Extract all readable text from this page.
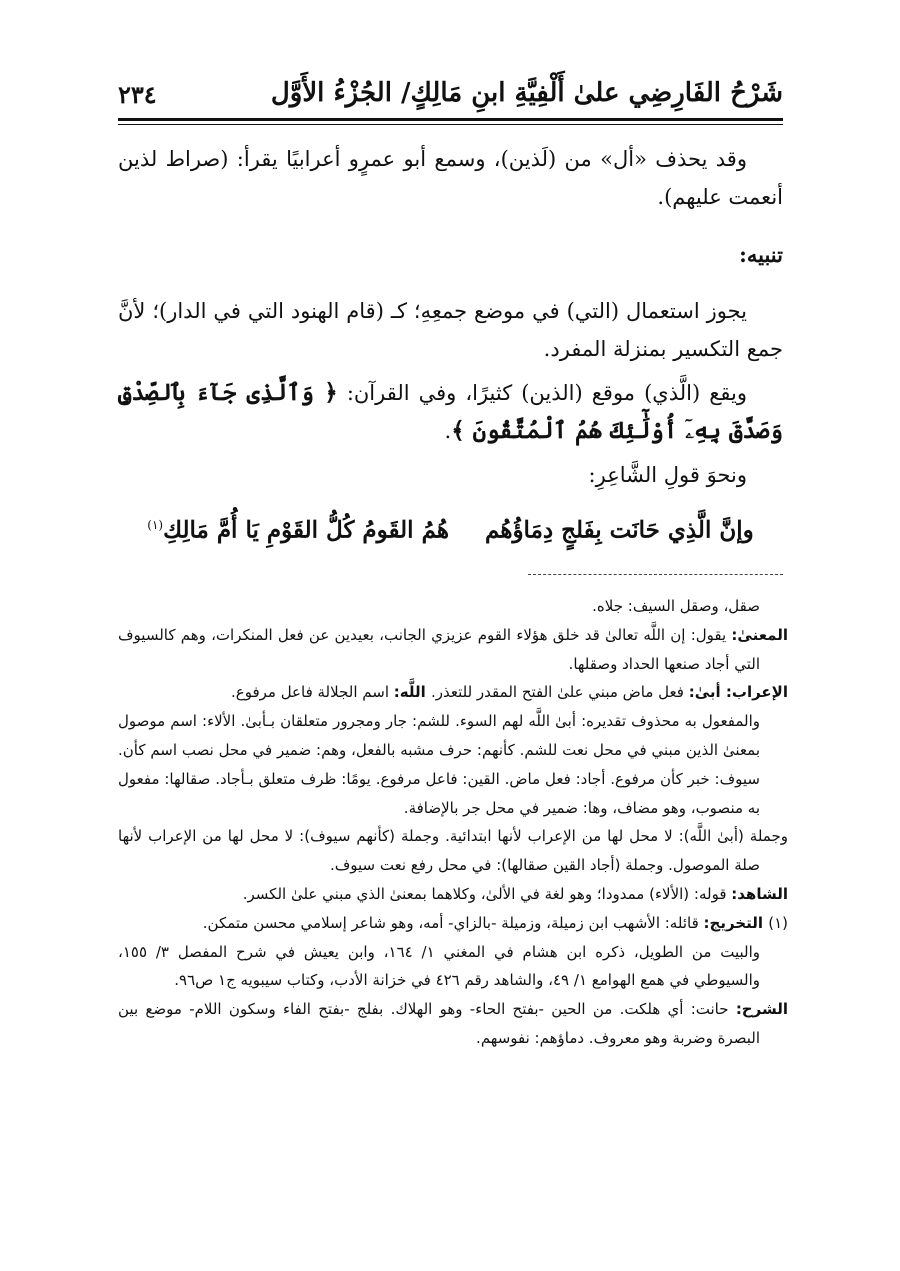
شَرْحُ الفَارِضِي علىٰ أَلْفِيَّةِ ابنِ مَالِكٍ/ الجُزْءُ الأَوَّل
٢٣٤

وقد يحذف «أل» من (لَذين)، وسمع أبو عمرٍو أعرابيًا يقرأ: (صراط لذين أنعمت عليهم).

تنبيه:

يجوز استعمال (التي) في موضع جمعِهِ؛ كـ (قام الهنود التي في الدار)؛ لأنَّ جمع التكسير بمنزلة المفرد.

ويقع (الَّذي) موقع (الذين) كثيرًا، وفي القرآن: ﴿ وَٱلَّذِى جَآءَ بِٱلصِّدْقِ وَصَدَّقَ بِهِۦٓ أُوْلَٰٓئِكَ هُمُ ٱلْمُتَّقُونَ ﴾.

ونحوَ قولِ الشَّاعِرِ:

وإنَّ الَّذِي حَانَت بِفَلجٍ دِمَاؤُهُمهُمُ القَومُ كُلُّ القَوْمِ يَا أُمَّ مَالِكِ$^{(١)}$

صقل، وصقل السيف: جلاه.

المعنىٰ: يقول: إن اللَّه تعالىٰ قد خلق هؤلاء القوم عزيزي الجانب، بعيدين عن فعل المنكرات، وهم كالسيوف التي أجاد صنعها الحداد وصقلها.

الإعراب: أبىٰ: فعل ماض مبني علىٰ الفتح المقدر للتعذر. اللَّه: اسم الجلالة فاعل مرفوع.

والمفعول به محذوف تقديره: أبىٰ اللَّه لهم السوء. للشم: جار ومجرور متعلقان بـأبىٰ. الألاء: اسم موصول بمعنىٰ الذين مبني في محل نعت للشم. كأنهم: حرف مشبه بالفعل، وهم: ضمير في محل نصب اسم كأن. سيوف: خبر كأن مرفوع. أجاد: فعل ماض. القين: فاعل مرفوع. يومًا: ظرف متعلق بـأجاد. صقالها: مفعول به منصوب، وهو مضاف، وها: ضمير في محل جر بالإضافة.

وجملة (أبىٰ اللَّه): لا محل لها من الإعراب لأنها ابتدائية. وجملة (كأنهم سيوف): لا محل لها من الإعراب لأنها صلة الموصول. وجملة (أجاد القين صقالها): في محل رفع نعت سيوف.

الشاهد: قوله: (الألاء) ممدودا؛ وهو لغة في الألىٰ، وكلاهما بمعنىٰ الذي مبني علىٰ الكسر.

(١) التخريج: قائله: الأشهب ابن زميلة، وزميلة -بالزاي- أمه، وهو شاعر إسلامي محسن متمكن.

والبيت من الطويل، ذكره ابن هشام في المغني ١/ ١٦٤، وابن يعيش في شرح المفصل ٣/ ١٥٥، والسيوطي في همع الهوامع ١/ ٤٩، والشاهد رقم ٤٢٦ في خزانة الأدب، وكتاب سيبويه ج١ ص٩٦.

الشرح: حانت: أي هلكت. من الحين -بفتح الحاء- وهو الهلاك. بفلج -بفتح الفاء وسكون اللام- موضع بين البصرة وضربة وهو معروف. دماؤهم: نفوسهم.
